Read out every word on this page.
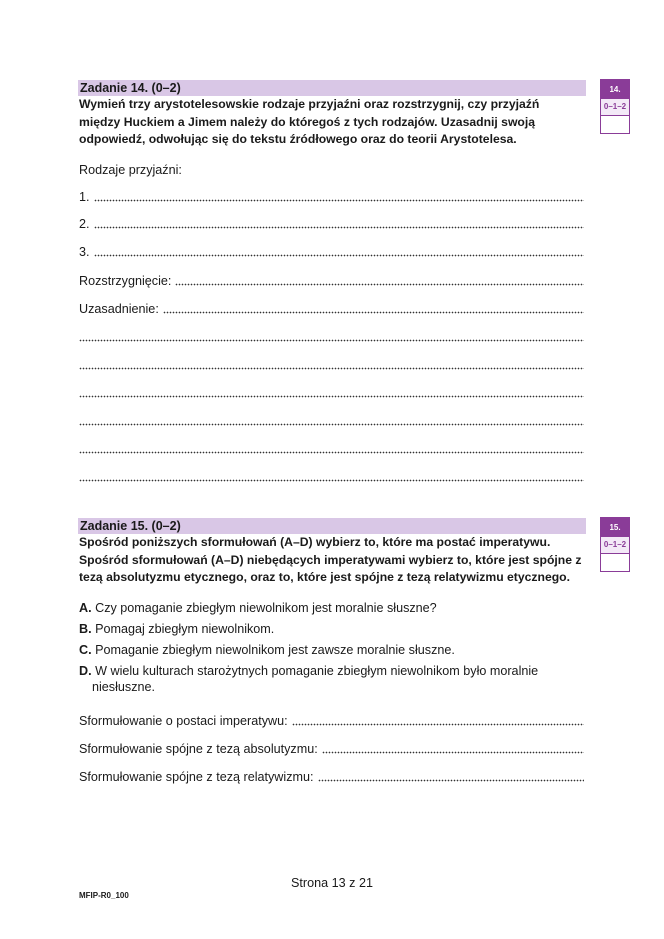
Zadanie 14. (0–2)
Wymień trzy arystotelesowskie rodzaje przyjaźni oraz rozstrzygnij, czy przyjaźń między Huckiem a Jimem należy do któregoś z tych rodzajów. Uzasadnij swoją odpowiedź, odwołując się do tekstu źródłowego oraz do teorii Arystotelesa.
14.
0–1–2
Rodzaje przyjaźni:
1.
2.
3.
Rozstrzygnięcie:
Uzasadnienie:
Zadanie 15. (0–2)
Spośród poniższych sformułowań (A–D) wybierz to, które ma postać imperatywu. Spośród sformułowań (A–D) niebędących imperatywami wybierz to, które jest spójne z tezą absolutyzmu etycznego, oraz to, które jest spójne z tezą relatywizmu etycznego.
15.
0–1–2
A. Czy pomaganie zbiegłym niewolnikom jest moralnie słuszne?
B. Pomagaj zbiegłym niewolnikom.
C. Pomaganie zbiegłym niewolnikom jest zawsze moralnie słuszne.
D. W wielu kulturach starożytnych pomaganie zbiegłym niewolnikom było moralnie niesłuszne.
Sformułowanie o postaci imperatywu:
Sformułowanie spójne z tezą absolutyzmu:
Sformułowanie spójne z tezą relatywizmu:
Strona 13 z 21
MFIP-R0_100
